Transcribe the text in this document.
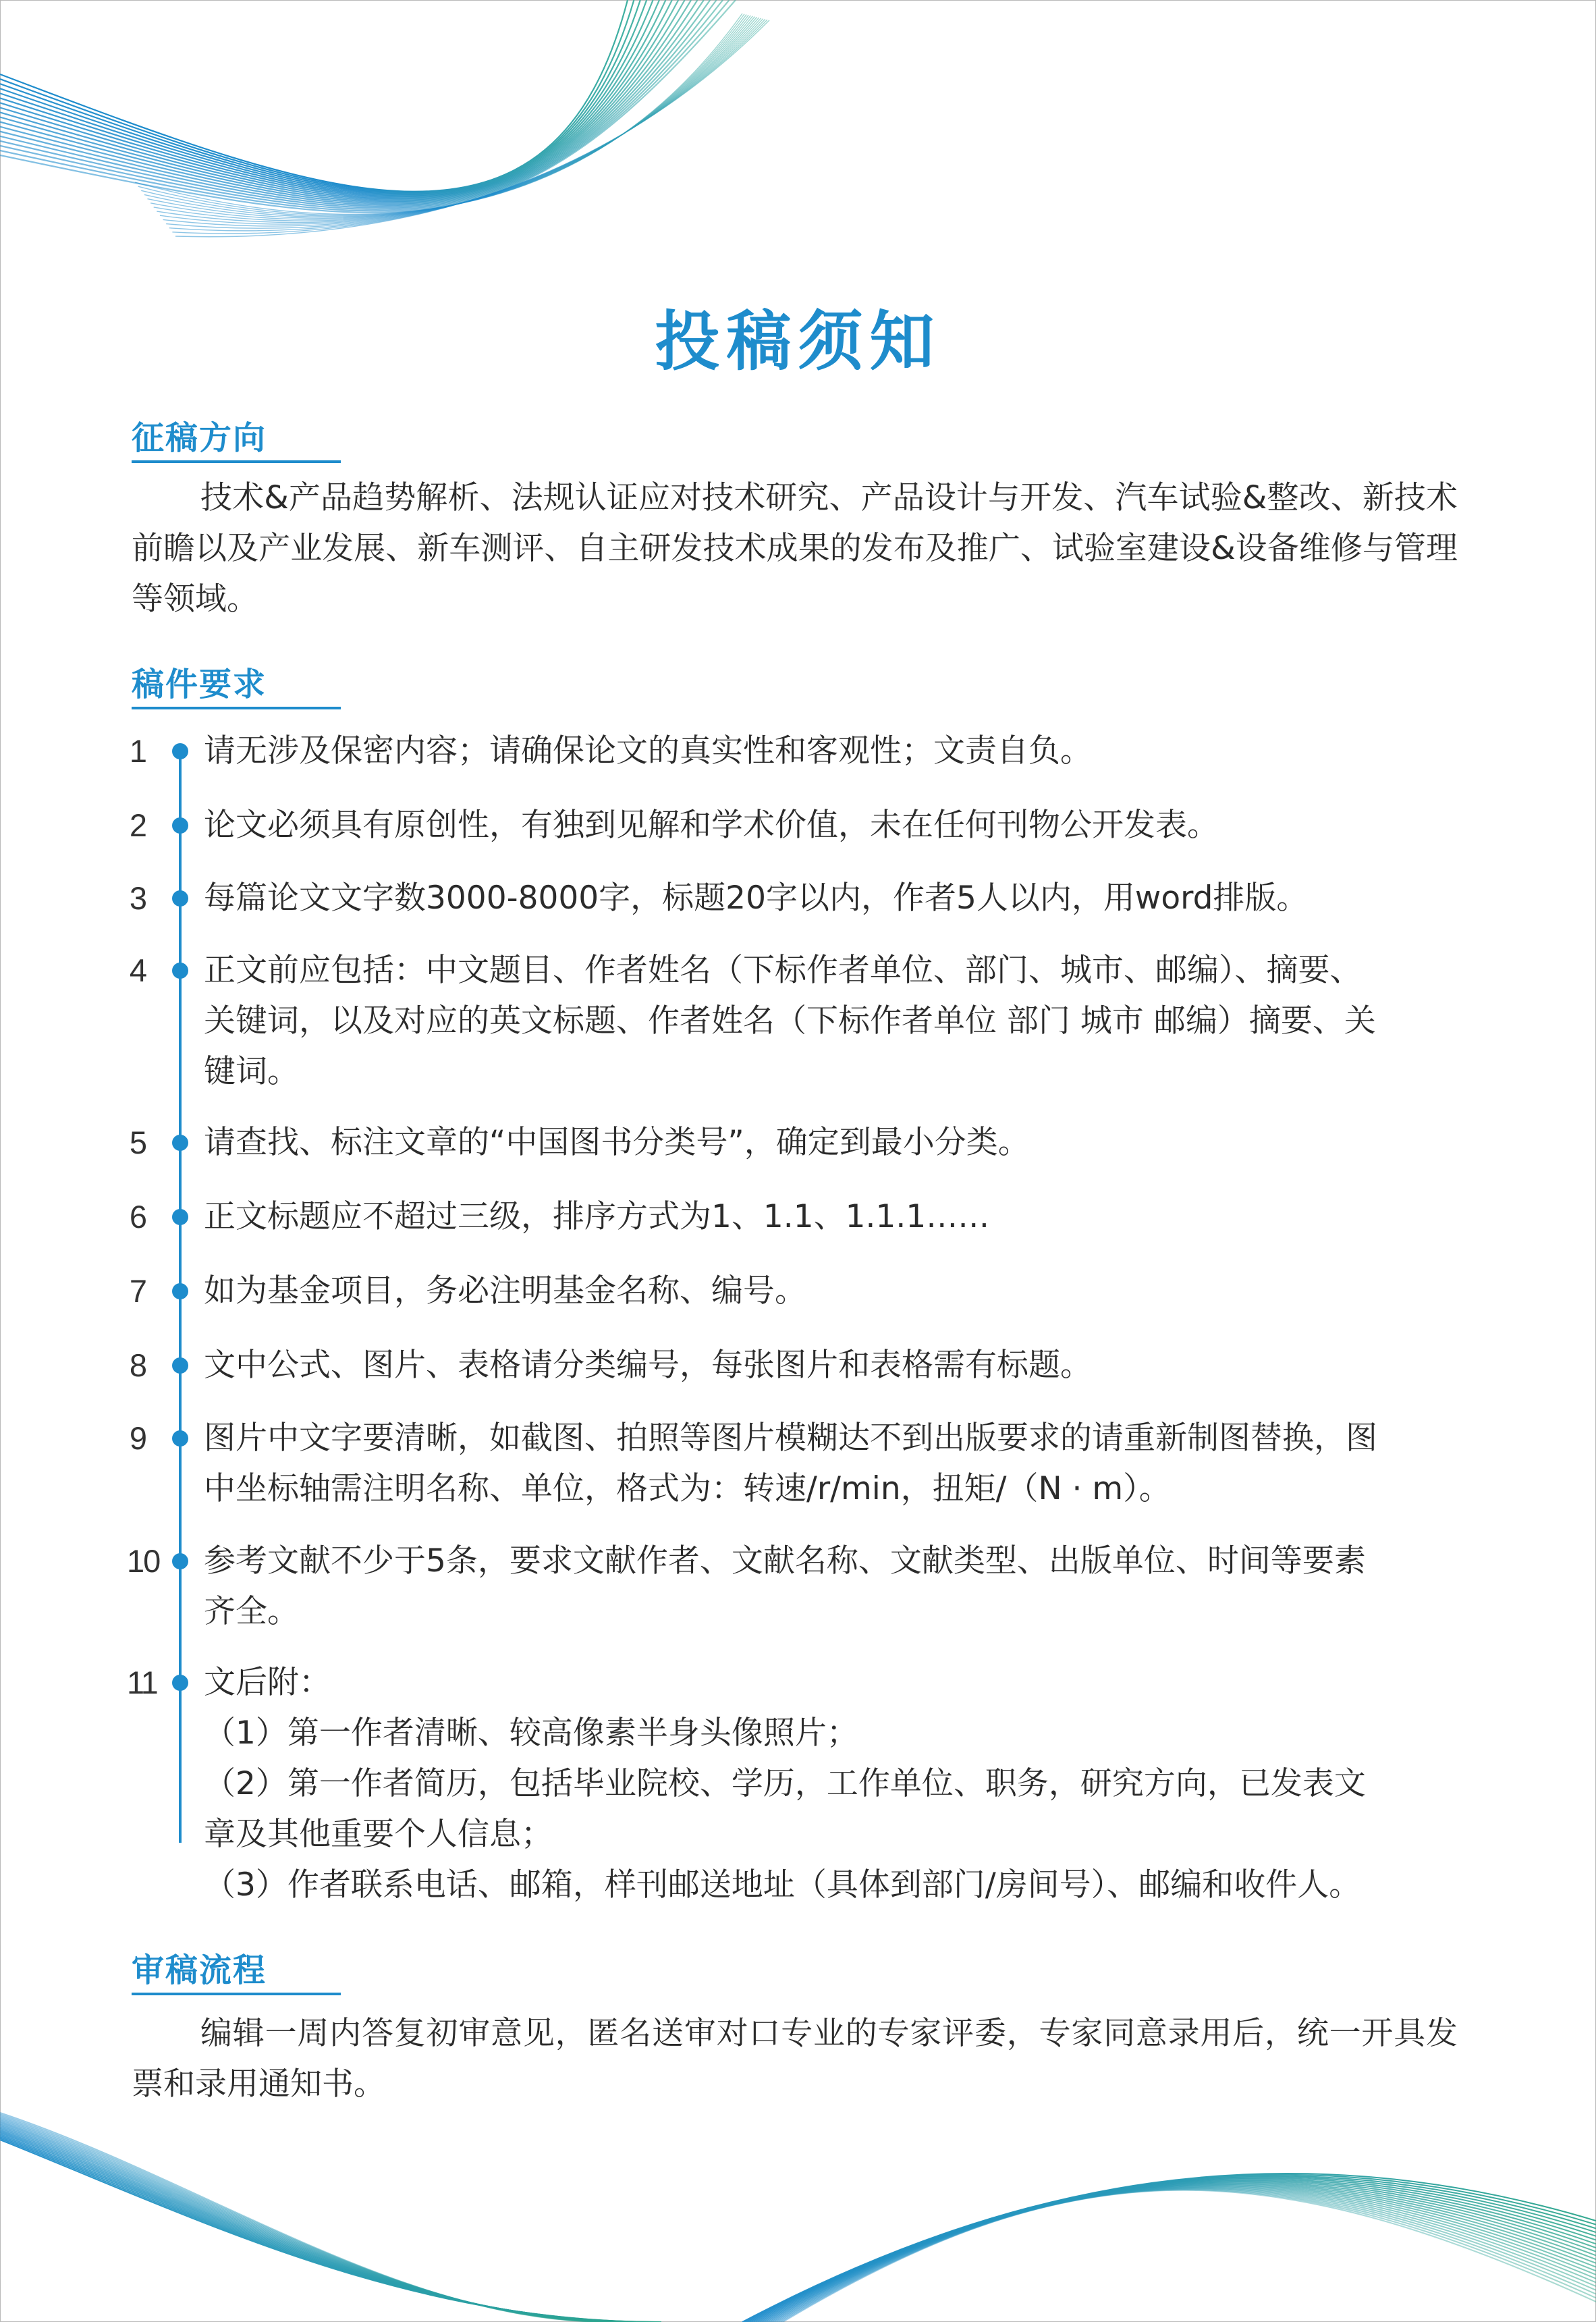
投稿须知
征稿方向

技术&产品趋势解析、法规认证应对技术研究、产品设计与开发、汽车试验&整改、新技术前瞻以及产业发展、新车测评、自主研发技术成果的发布及推广、试验室建设&设备维修与管理等领域。

稿件要求
1 请无涉及保密内容；请确保论文的真实性和客观性；文责自负。

2 论文必须具有原创性，有独到见解和学术价值，未在任何刊物公开发表。

3 每篇论文文字数3000-8000字，标题20字以内，作者5人以内，用word排版。

4 正文前应包括：中文题目、作者姓名（下标作者单位、部门、城市、邮编）、摘要、
关键词，以及对应的英文标题、作者姓名（下标作者单位 部门 城市 邮编）摘要、关
键词。

5 请查找、标注文章的“中国图书分类号”，确定到最小分类。

6 正文标题应不超过三级，排序方式为1、1.1、1.1.1……

7 如为基金项目，务必注明基金名称、编号。

8 文中公式、图片、表格请分类编号，每张图片和表格需有标题。

9 图片中文字要清晰，如截图、拍照等图片模糊达不到出版要求的请重新制图替换，图
中坐标轴需注明名称、单位，格式为：转速/r/min，扭矩/（N · m）。

10	参考文献不少于5条，要求文献作者、文献名称、文献类型、出版单位、时间等要素
齐全。

11	文后附：
（1）第一作者清晰、较高像素半身头像照片；
（2）第一作者简历，包括毕业院校、学历，工作单位、职务，研究方向，已发表文
章及其他重要个人信息；
（3）作者联系电话、邮箱，样刊邮送地址（具体到部门/房间号）、邮编和收件人。

审稿流程

编辑一周内答复初审意见，匿名送审对口专业的专家评委，专家同意录用后，统一开具发票和录用通知书。
